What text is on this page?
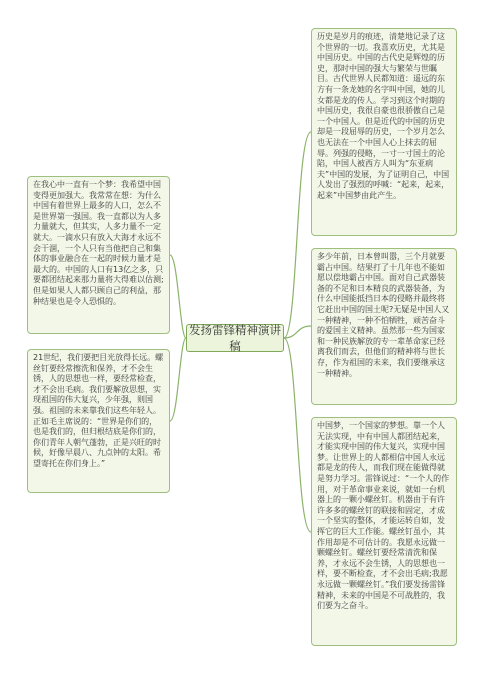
发扬雷锋精神演讲稿
在我心中一直有一个梦：我希望中国变得更加强大。我常常在想：为什么中国有着世界上最多的人口，怎么不是世界第一强国。我一直都以为人多力量就大，但其实，人多力量不一定就大。一滴水只有放入大海才永远不会干涸，一个人只有当他把自己和集体的事业融合在一起的时候力量才是最大的。中国的人口有13亿之多，只要都团结起来那力量将大得难以估测;但是如果人人都只顾自己的利益，那种结果也是令人恐惧的。
21世纪，我们要把目光放得长远。螺丝钉要经常擦洗和保养，才不会生锈，人的思想也一样，要经常检查，才不会出毛病。我们要解放思想，实现祖国的伟大复兴，少年强，则国强。祖国的未来靠我们这些年轻人。正如毛主席说的：“世界是你们的，也是我们的，但归根结底是你们的，你们青年人朝气蓬勃，正是兴旺的时候，好像早晨八、九点钟的太阳。希望寄托在你们身上。”
历史是岁月的痕迹，清楚地记录了这个世界的一切。我喜欢历史，尤其是中国历史。中国的古代史是辉煌的历史，那时中国的强大与繁荣与世瞩目。古代世界人民都知道：遥远的东方有一条龙她的名字叫中国，她的儿女都是龙的传人。学习到这个时期的中国历史，我很自豪也很骄傲自己是一个中国人。但是近代的中国的历史却是一段屈辱的历史，一个岁月怎么也无法在一个中国人心上抹去的屈辱。列强的侵略，一寸一寸国土的沦陷，中国人被西方人叫为“东亚病夫”中国的发展，为了证明自己，中国人发出了强烈的呼喊：“起来，起来，起来”中国梦由此产生。
多少年前，日本曾叫嚣，三个月就要霸占中国。结果打了十几年也不能如愿以偿地霸占中国。面对自己武器装备的不足和日本精良的武器装备，为什么中国能抵挡日本的侵略并最终将它赶出中国的国土呢?无疑是中国人又一种精神，一种不怕牺牲，顽苦奋斗的爱国主义精神。虽然那一些为国家和一种民族解放的专一辈革命家已经离我们而去，但他们的精神将与世长存，作为祖国的未来，我们要继承这一种精神。
中国梦，一个国家的梦想。靠一个人无法实现，中有中国人都团结起来，才能实现中国的伟大复兴，实现中国梦。让世界上的人都相信中国人永远都是龙的传人，而我们现在能做得就是努力学习。雷锋说过：“一个人的作用，对于革命事业来说，就如一台机器上的一颗小螺丝钉。机器由于有许许多多的螺丝钉的联接和固定，才成一个坚实的整体，才能运转自如，发挥它的巨大工作能。螺丝钉虽小，其作用却是不可估计的。我愿永远做一颗螺丝钉。螺丝钉要经常清洗和保养，才永远不会生锈，人的思想也一样，要不断检查，才不会出毛病;我愿永远做一颗螺丝钉。”我们要发扬雷锋精神，未来的中国是不可战胜的，我们要为之奋斗。
